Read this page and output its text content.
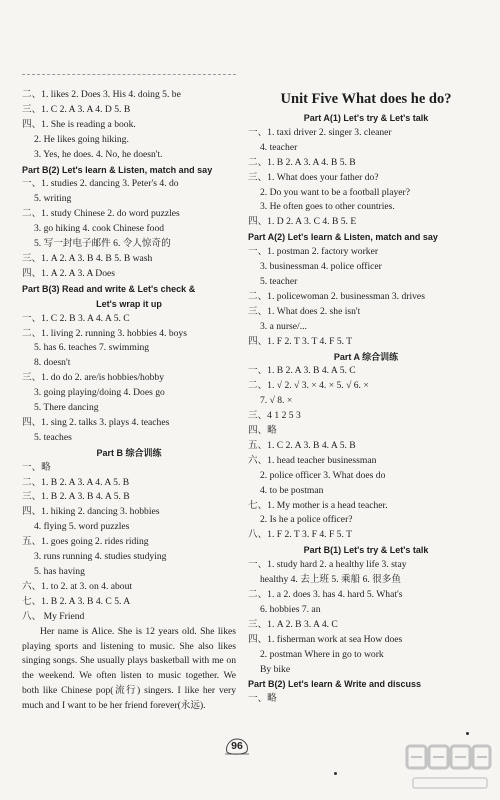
二、1. likes 2. Does 3. His 4. doing 5. be
三、1. C 2. A 3. A 4. D 5. B
四、1. She is reading a book.
2. He likes going hiking.
3. Yes, he does. 4. No, he doesn't.
Part B(2) Let's learn & Listen, match and say
一、1. studies 2. dancing 3. Peter's 4. do
5. writing
二、1. study Chinese 2. do word puzzles
3. go hiking 4. cook Chinese food
5. 写一封电子邮件 6. 令人惊奇的
三、1. A 2. A 3. B 4. B 5. B wash
四、1. A 2. A 3. A Does
Part B(3) Read and write & Let's check &
Let's wrap it up
一、1. C 2. B 3. A 4. A 5. C
二、1. living 2. running 3. hobbies 4. boys
5. has 6. teaches 7. swimming
8. doesn't
三、1. do do 2. are/is hobbies/hobby
3. going playing/doing 4. Does go
5. There dancing
四、1. sing 2. talks 3. plays 4. teaches
5. teaches
Part B 综合训练
一、略
二、1. B 2. A 3. A 4. A 5. B
三、1. B 2. A 3. B 4. A 5. B
四、1. hiking 2. dancing 3. hobbies
4. flying 5. word puzzles
五、1. goes going 2. rides riding
3. runs running 4. studies studying
5. has having
六、1. to 2. at 3. on 4. about
七、1. B 2. A 3. B 4. C 5. A
八、 My Friend
Her name is Alice. She is 12 years old. She likes playing sports and listening to music. She also likes singing songs. She usually plays basketball with me on the weekend. We often listen to music together. We both like Chinese pop(流行) singers. I like her very much and I want to be her friend forever(永远).
Unit Five What does he do?
Part A(1) Let's try & Let's talk
一、1. taxi driver 2. singer 3. cleaner
4. teacher
二、1. B 2. A 3. A 4. B 5. B
三、1. What does your father do?
2. Do you want to be a football player?
3. He often goes to other countries.
四、1. D 2. A 3. C 4. B 5. E
Part A(2) Let's learn & Listen, match and say
一、1. postman 2. factory worker
3. businessman 4. police officer
5. teacher
二、1. policewoman 2. businessman 3. drives
三、1. What does 2. she isn't
3. a nurse/...
四、1. F 2. T 3. T 4. F 5. T
Part A 综合训练
一、1. B 2. A 3. B 4. A 5. C
二、1. √ 2. √ 3. × 4. × 5. √ 6. ×
7. √ 8. ×
三、4 1 2 5 3
四、略
五、1. C 2. A 3. B 4. A 5. B
六、1. head teacher businessman
2. police officer 3. What does do
4. to be postman
七、1. My mother is a head teacher.
2. Is he a police officer?
八、1. F 2. T 3. F 4. F 5. T
Part B(1) Let's try & Let's talk
一、1. study hard 2. a healthy life 3. stay
healthy 4. 去上班 5. 乘船 6. 很多鱼
二、1. a 2. does 3. has 4. hard 5. What's
6. hobbies 7. an
三、1. A 2. B 3. A 4. C
四、1. fisherman work at sea How does
2. postman Where in go to work
By bike
Part B(2) Let's learn & Write and discuss
一、略
96
